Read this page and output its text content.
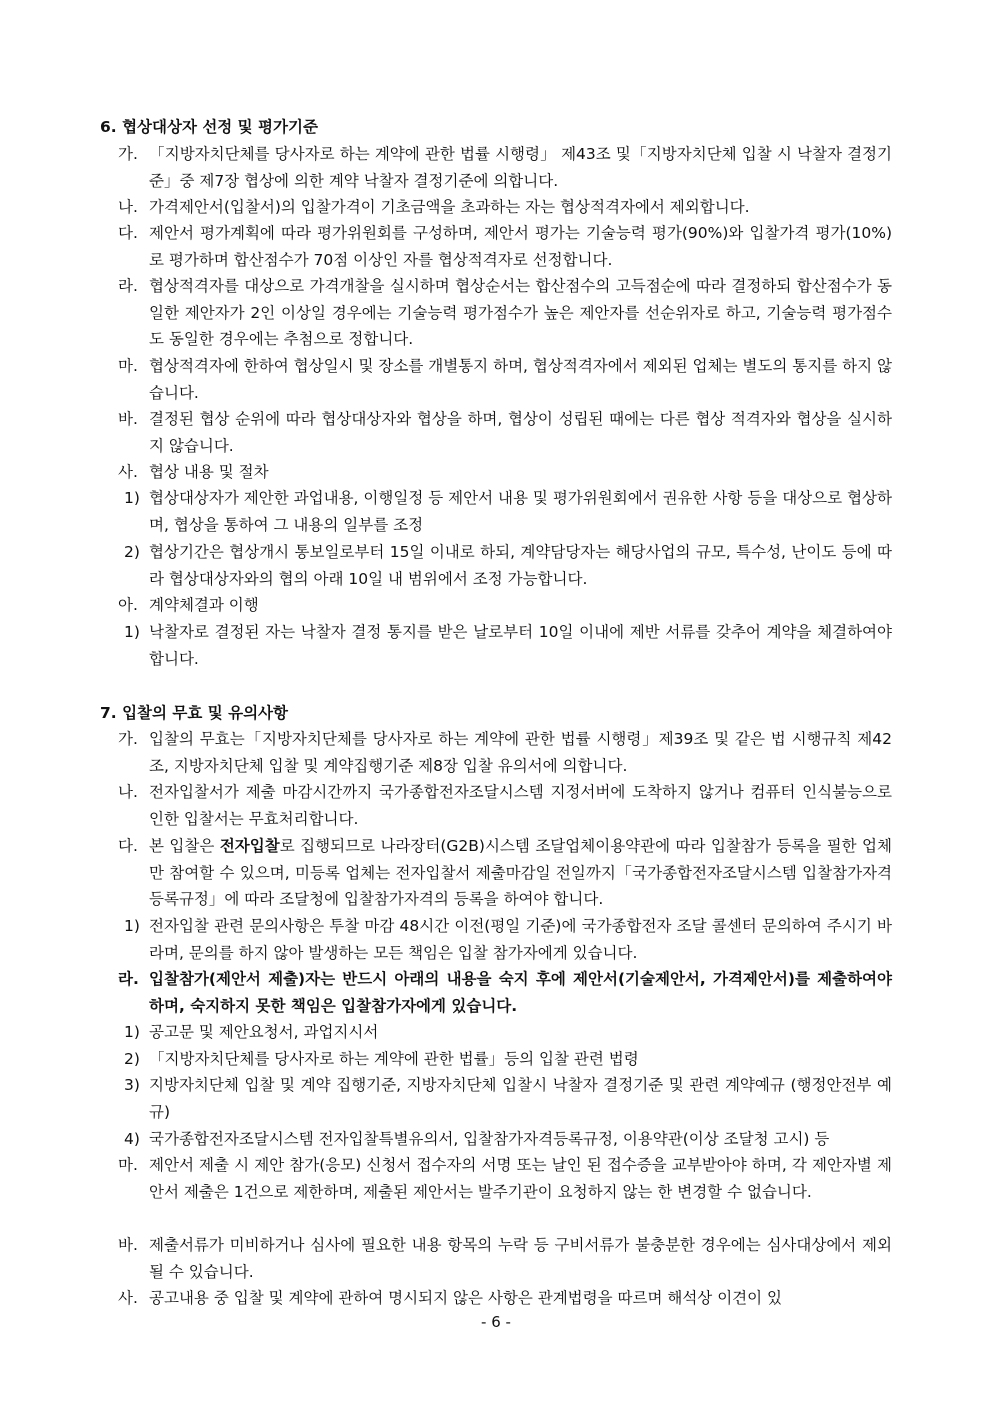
6. 협상대상자 선정 및 평가기준
가. 「지방자치단체를 당사자로 하는 계약에 관한 법률 시행령」 제43조 및「지방자치단체 입찰 시 낙찰자 결정기준」중 제7장 협상에 의한 계약 낙찰자 결정기준에 의합니다.
나. 가격제안서(입찰서)의 입찰가격이 기초금액을 초과하는 자는 협상적격자에서 제외합니다.
다. 제안서 평가계획에 따라 평가위원회를 구성하며, 제안서 평가는 기술능력 평가(90%)와 입찰가격 평가(10%)로 평가하며 합산점수가 70점 이상인 자를 협상적격자로 선정합니다.
라. 협상적격자를 대상으로 가격개찰을 실시하며 협상순서는 합산점수의 고득점순에 따라 결정하되 합산점수가 동일한 제안자가 2인 이상일 경우에는 기술능력 평가점수가 높은 제안자를 선순위자로 하고, 기술능력 평가점수도 동일한 경우에는 추첨으로 정합니다.
마. 협상적격자에 한하여 협상일시 및 장소를 개별통지 하며, 협상적격자에서 제외된 업체는 별도의 통지를 하지 않습니다.
바. 결정된 협상 순위에 따라 협상대상자와 협상을 하며, 협상이 성립된 때에는 다른 협상 적격자와 협상을 실시하지 않습니다.
사. 협상 내용 및 절차
1) 협상대상자가 제안한 과업내용, 이행일정 등 제안서 내용 및 평가위원회에서 권유한 사항 등을 대상으로 협상하며, 협상을 통하여 그 내용의 일부를 조정
2) 협상기간은 협상개시 통보일로부터 15일 이내로 하되, 계약담당자는 해당사업의 규모, 특수성, 난이도 등에 따라 협상대상자와의 협의 아래 10일 내 범위에서 조정 가능합니다.
아. 계약체결과 이행
1) 낙찰자로 결정된 자는 낙찰자 결정 통지를 받은 날로부터 10일 이내에 제반 서류를 갖추어 계약을 체결하여야 합니다.
7. 입찰의 무효 및 유의사항
가. 입찰의 무효는「지방자치단체를 당사자로 하는 계약에 관한 법률 시행령」제39조 및 같은 법 시행규칙 제42조, 지방자치단체 입찰 및 계약집행기준 제8장 입찰 유의서에 의합니다.
나. 전자입찰서가 제출 마감시간까지 국가종합전자조달시스템 지정서버에 도착하지 않거나 컴퓨터 인식불능으로 인한 입찰서는 무효처리합니다.
다. 본 입찰은 전자입찰로 집행되므로 나라장터(G2B)시스템 조달업체이용약관에 따라 입찰참가 등록을 필한 업체만 참여할 수 있으며, 미등록 업체는 전자입찰서 제출마감일 전일까지「국가종합전자조달시스템 입찰참가자격등록규정」에 따라 조달청에 입찰참가자격의 등록을 하여야 합니다.
1) 전자입찰 관련 문의사항은 투찰 마감 48시간 이전(평일 기준)에 국가종합전자 조달 콜센터 문의하여 주시기 바라며, 문의를 하지 않아 발생하는 모든 책임은 입찰 참가자에게 있습니다.
라. 입찰참가(제안서 제출)자는 반드시 아래의 내용을 숙지 후에 제안서(기술제안서, 가격제안서)를 제출하여야 하며, 숙지하지 못한 책임은 입찰참가자에게 있습니다.
1) 공고문 및 제안요청서, 과업지시서
2) 「지방자치단체를 당사자로 하는 계약에 관한 법률」등의 입찰 관련 법령
3) 지방자치단체 입찰 및 계약 집행기준, 지방자치단체 입찰시 낙찰자 결정기준 및 관련 계약예규 (행정안전부 예규)
4) 국가종합전자조달시스템 전자입찰특별유의서, 입찰참가자격등록규정, 이용약관(이상 조달청 고시) 등
마. 제안서 제출 시 제안 참가(응모) 신청서 접수자의 서명 또는 날인 된 접수증을 교부받아야 하며, 각 제안자별 제안서 제출은 1건으로 제한하며, 제출된 제안서는 발주기관이 요청하지 않는 한 변경할 수 없습니다.
바. 제출서류가 미비하거나 심사에 필요한 내용 항목의 누락 등 구비서류가 불충분한 경우에는 심사대상에서 제외될 수 있습니다.
사. 공고내용 중 입찰 및 계약에 관하여 명시되지 않은 사항은 관계법령을 따르며 해석상 이견이 있
- 6 -
